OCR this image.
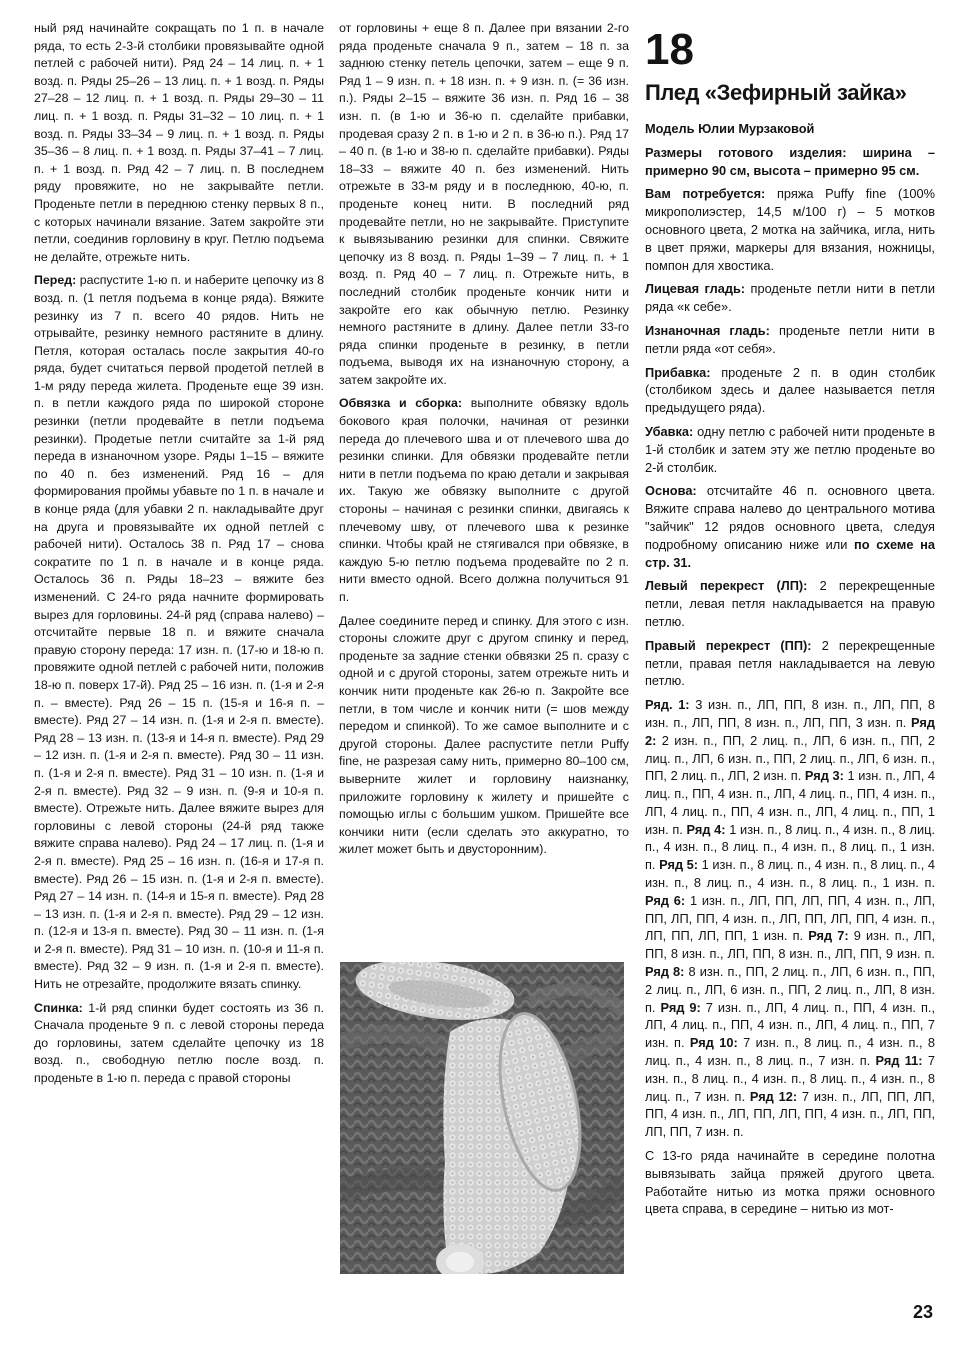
ный ряд начинайте сокращать по 1 п. в начале ряда, то есть 2-3-й столбики провязывайте одной петлей с рабочей нити). Ряд 24 – 14 лиц. п. + 1 возд. п. Ряды 25–26 – 13 лиц. п. + 1 возд. п. Ряды 27–28 – 12 лиц. п. + 1 возд. п. Ряды 29–30 – 11 лиц. п. + 1 возд. п. Ряды 31–32 – 10 лиц. п. + 1 возд. п. Ряды 33–34 – 9 лиц. п. + 1 возд. п. Ряды 35–36 – 8 лиц. п. + 1 возд. п. Ряды 37–41 – 7 лиц. п. + 1 возд. п. Ряд 42 – 7 лиц. п. В последнем ряду провяжите, но не закрывайте петли. Проденьте петли в переднюю стенку первых 8 п., с которых начинали вязание. Затем закройте эти петли, соединив горловину в круг. Петлю подъема не делайте, отрежьте нить.

Перед: распустите 1-ю п. и наберите цепочку из 8 возд. п. (1 петля подъема в конце ряда). Вяжите резинку из 7 п. всего 40 рядов. Нить не отрывайте, резинку немного растяните в длину. Петля, которая осталась после закрытия 40-го ряда, будет считаться первой продетой петлей в 1-м ряду переда жилета. Проденьте еще 39 изн. п. в петли каждого ряда по широкой стороне резинки (петли продевайте в петли подъема резинки). Продетые петли считайте за 1-й ряд переда в изнаночном узоре. Ряды 1–15 – вяжите по 40 п. без изменений. Ряд 16 – для формирования проймы убавьте по 1 п. в начале и в конце ряда (для убавки 2 п. накладывайте друг на друга и провязывайте их одной петлей с рабочей нити). Осталось 38 п. Ряд 17 – снова сократите по 1 п. в начале и в конце ряда. Осталось 36 п. Ряды 18–23 – вяжите без изменений. С 24-го ряда начните формировать вырез для горловины. 24-й ряд (справа налево) – отсчитайте первые 18 п. и вяжите сначала правую сторону переда: 17 изн. п. (17-ю и 18-ю п. провяжите одной петлей с рабочей нити, положив 18-ю п. поверх 17-й). Ряд 25 – 16 изн. п. (1-я и 2-я п. – вместе). Ряд 26 – 15 п. (15-я и 16-я п. – вместе). Ряд 27 – 14 изн. п. (1-я и 2-я п. вместе). Ряд 28 – 13 изн. п. (13-я и 14-я п. вместе). Ряд 29 – 12 изн. п. (1-я и 2-я п. вместе). Ряд 30 – 11 изн. п. (1-я и 2-я п. вместе). Ряд 31 – 10 изн. п. (1-я и 2-я п. вместе). Ряд 32 – 9 изн. п. (9-я и 10-я п. вместе). Отрежьте нить. Далее вяжите вырез для горловины с левой стороны (24-й ряд также вяжите справа налево). Ряд 24 – 17 лиц. п. (1-я и 2-я п. вместе). Ряд 25 – 16 изн. п. (16-я и 17-я п. вместе). Ряд 26 – 15 изн. п. (1-я и 2-я п. вместе). Ряд 27 – 14 изн. п. (14-я и 15-я п. вместе). Ряд 28 – 13 изн. п. (1-я и 2-я п. вместе). Ряд 29 – 12 изн. п. (12-я и 13-я п. вместе). Ряд 30 – 11 изн. п. (1-я и 2-я п. вместе). Ряд 31 – 10 изн. п. (10-я и 11-я п. вместе). Ряд 32 – 9 изн. п. (1-я и 2-я п. вместе). Нить не отрезайте, продолжите вязать спинку.

Спинка: 1-й ряд спинки будет состоять из 36 п. Сначала проденьте 9 п. с левой стороны переда до горловины, затем сделайте цепочку из 18 возд. п., свободную петлю после возд. п. проденьте в 1-ю п. переда с правой стороны

от горловины + еще 8 п. Далее при вязании 2-го ряда проденьте сначала 9 п., затем – 18 п. за заднюю стенку петель цепочки, затем – еще 9 п. Ряд 1 – 9 изн. п. + 18 изн. п. + 9 изн. п. (= 36 изн. п.). Ряды 2–15 – вяжите 36 изн. п. Ряд 16 – 38 изн. п. (в 1-ю и 36-ю п. сделайте прибавки, продевая сразу 2 п. в 1-ю и 2 п. в 36-ю п.). Ряд 17 – 40 п. (в 1-ю и 38-ю п. сделайте прибавки). Ряды 18–33 – вяжите 40 п. без изменений. Нить отрежьте в 33-м ряду и в последнюю, 40-ю, п. проденьте конец нити. В последний ряд продевайте петли, но не закрывайте. Приступите к вывязыванию резинки для спинки. Свяжите цепочку из 8 возд. п. Ряды 1–39 – 7 лиц. п. + 1 возд. п. Ряд 40 – 7 лиц. п. Отрежьте нить, в последний столбик проденьте кончик нити и закройте его как обычную петлю. Резинку немного растяните в длину. Далее петли 33-го ряда спинки проденьте в резинку, в петли подъема, выводя их на изнаночную сторону, а затем закройте их.

Обвязка и сборка: выполните обвязку вдоль бокового края полочки, начиная от резинки переда до плечевого шва и от плечевого шва до резинки спинки. Для обвязки продевайте петли нити в петли подъема по краю детали и закрывая их. Такую же обвязку выполните с другой стороны – начиная с резинки спинки, двигаясь к плечевому шву, от плечевого шва к резинке спинки. Чтобы край не стягивался при обвязке, в каждую 5-ю петлю подъема продевайте по 2 п. нити вместо одной. Всего должна получиться 91 п.

Далее соедините перед и спинку. Для этого с изн. стороны сложите друг с другом спинку и перед, проденьте за задние стенки обвязки 25 п. сразу с одной и с другой стороны, затем отрежьте нить и кончик нити проденьте как 26-ю п. Закройте все петли, в том числе и кончик нити (= шов между передом и спинкой). То же самое выполните и с другой стороны. Далее распустите петли Puffy fine, не разрезая саму нить, примерно 80–100 см, выверните жилет и горловину наизнанку, приложите горловину к жилету и пришейте с помощью иглы с большим ушком. Пришейте все кончики нити (если сделать это аккуратно, то жилет может быть и двусторонним).

18
Плед «Зефирный зайка»

Модель Юлии Мурзаковой

Размеры готового изделия: ширина – примерно 90 см, высота – примерно 95 см.

Вам потребуется: пряжа Puffy fine (100% микрополиэстер, 14,5 м/100 г) – 5 мотков основного цвета, 2 мотка на зайчика, игла, нить в цвет пряжи, маркеры для вязания, ножницы, помпон для хвостика.

Лицевая гладь: проденьте петли нити в петли ряда «к себе».

Изнаночная гладь: проденьте петли нити в петли ряда «от себя».

Прибавка: проденьте 2 п. в один столбик (столбиком здесь и далее называется петля предыдущего ряда).

Убавка: одну петлю с рабочей нити проденьте в 1-й столбик и затем эту же петлю проденьте во 2-й столбик.

Основа: отсчитайте 46 п. основного цвета. Вяжите справа налево до центрального мотива "зайчик" 12 рядов основного цвета, следуя подробному описанию ниже или по схеме на стр. 31.

Левый перекрест (ЛП): 2 перекрещенные петли, левая петля накладывается на правую петлю.

Правый перекрест (ПП): 2 перекрещенные петли, правая петля накладывается на левую петлю.

Ряд. 1: 3 изн. п., ЛП, ПП, 8 изн. п., ЛП, ПП, 8 изн. п., ЛП, ПП, 8 изн. п., ЛП, ПП, 3 изн. п. Ряд 2: 2 изн. п., ПП, 2 лиц. п., ЛП, 6 изн. п., ПП, 2 лиц. п., ЛП, 6 изн. п., ПП, 2 лиц. п., ЛП, 6 изн. п., ПП, 2 лиц. п., ЛП, 2 изн. п. Ряд 3: 1 изн. п., ЛП, 4 лиц. п., ПП, 4 изн. п., ЛП, 4 лиц. п., ПП, 4 изн. п., ЛП, 4 лиц. п., ПП, 4 изн. п., ЛП, 4 лиц. п., ПП, 1 изн. п. Ряд 4: 1 изн. п., 8 лиц. п., 4 изн. п., 8 лиц. п., 4 изн. п., 8 лиц. п., 4 изн. п., 8 лиц. п., 1 изн. п. Ряд 5: 1 изн. п., 8 лиц. п., 4 изн. п., 8 лиц. п., 4 изн. п., 8 лиц. п., 4 изн. п., 8 лиц. п., 1 изн. п. Ряд 6: 1 изн. п., ЛП, ПП, ЛП, ПП, 4 изн. п., ЛП, ПП, ЛП, ПП, 4 изн. п., ЛП, ПП, ЛП, ПП, 4 изн. п., ЛП, ПП, ЛП, ПП, 1 изн. п. Ряд 7: 9 изн. п., ЛП, ПП, 8 изн. п., ЛП, ПП, 8 изн. п., ЛП, ПП, 9 изн. п. Ряд 8: 8 изн. п., ПП, 2 лиц. п., ЛП, 6 изн. п., ПП, 2 лиц. п., ЛП, 6 изн. п., ПП, 2 лиц. п., ЛП, 8 изн. п. Ряд 9: 7 изн. п., ЛП, 4 лиц. п., ПП, 4 изн. п., ЛП, 4 лиц. п., ПП, 4 изн. п., ЛП, 4 лиц. п., ПП, 7 изн. п. Ряд 10: 7 изн. п., 8 лиц. п., 4 изн. п., 8 лиц. п., 4 изн. п., 8 лиц. п., 7 изн. п. Ряд 11: 7 изн. п., 8 лиц. п., 4 изн. п., 8 лиц. п., 4 изн. п., 8 лиц. п., 7 изн. п. Ряд 12: 7 изн. п., ЛП, ПП, ЛП, ПП, 4 изн. п., ЛП, ПП, ЛП, ПП, 4 изн. п., ЛП, ПП, ЛП, ПП, 7 изн. п.

С 13-го ряда начинайте в середине полотна вывязывать зайца пряжей другого цвета. Работайте нитью из мотка пряжи основного цвета справа, в середине – нитью из мот-

23
